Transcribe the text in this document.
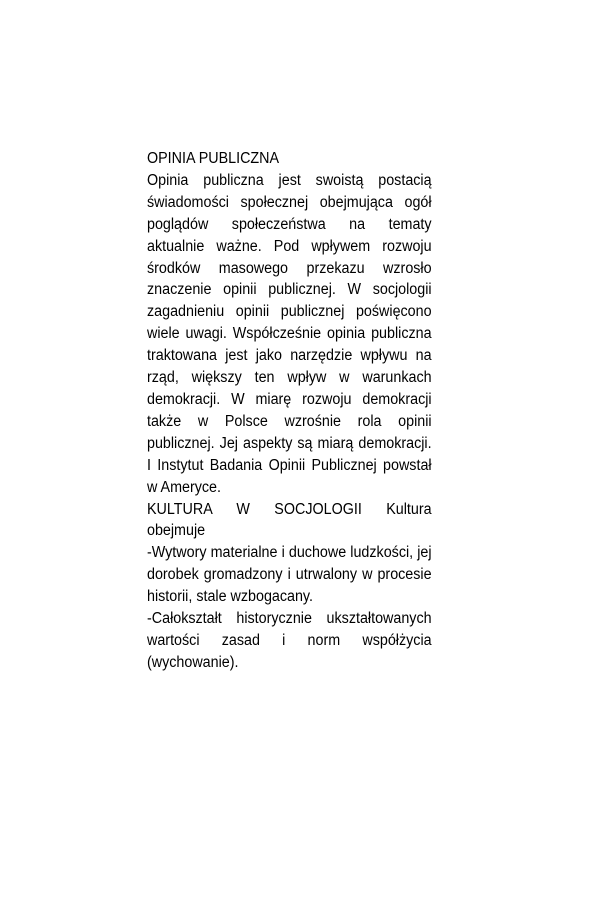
OPINIA PUBLICZNA

Opinia publiczna jest swoistą postacią świadomości społecznej obejmująca ogół poglądów społeczeństwa na tematy aktualnie ważne. Pod wpływem rozwoju środków masowego przekazu wzrosło znaczenie opinii publicznej. W socjologii zagadnieniu opinii publicznej poświęcono wiele uwagi. Współcześnie opinia publiczna traktowana jest jako narzędzie wpływu na rząd, większy ten wpływ w warunkach demokracji. W miarę rozwoju demokracji także w Polsce wzrośnie rola opinii publicznej. Jej aspekty są miarą demokracji. I Instytut Badania Opinii Publicznej powstał w Ameryce.

KULTURA W SOCJOLOGII Kultura

obejmuje

-Wytwory materialne i duchowe ludzkości, jej dorobek gromadzony i utrwalony w procesie historii, stale wzbogacany.

-Całokształt historycznie ukształtowanych wartości zasad i norm współżycia (wychowanie).
